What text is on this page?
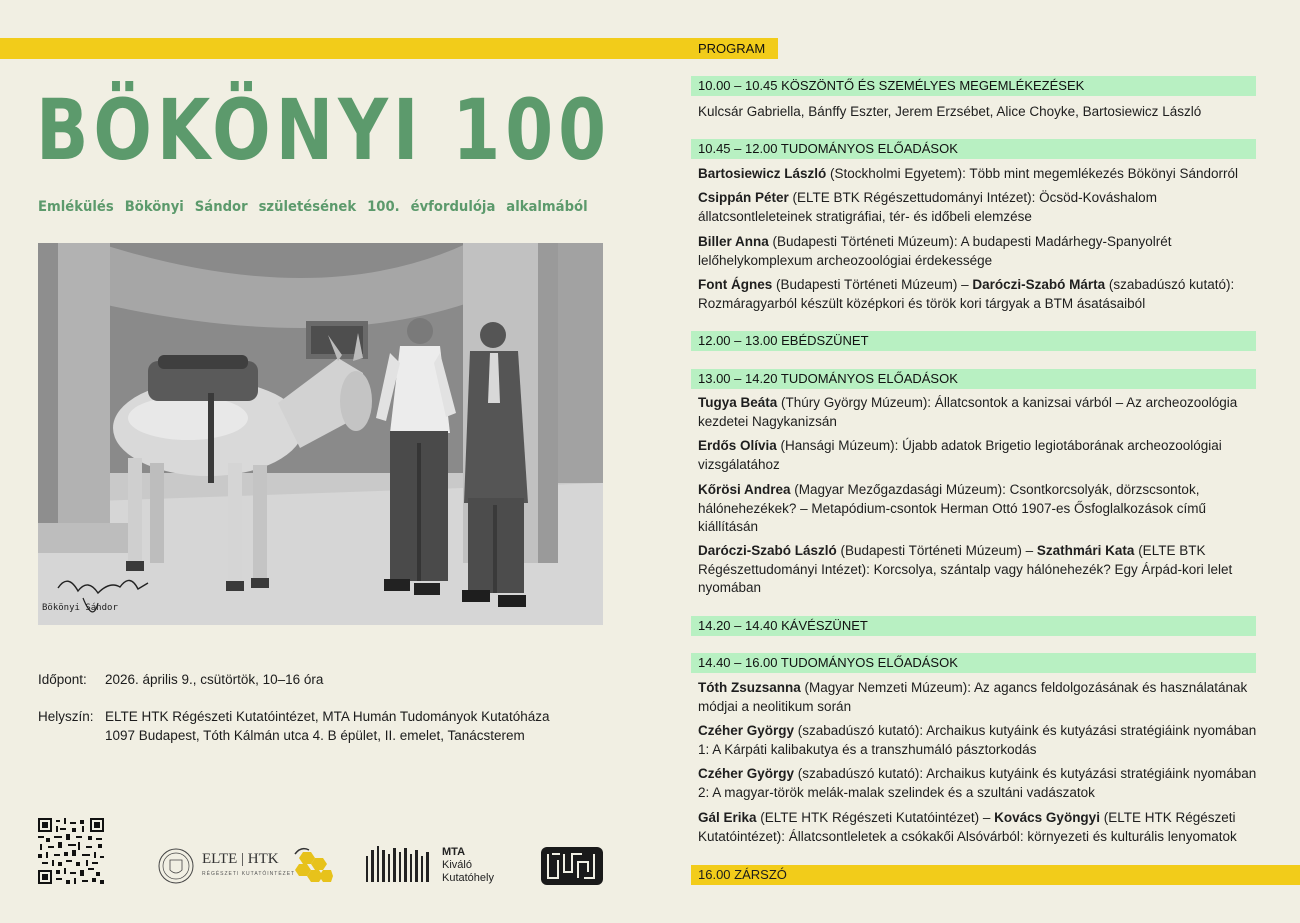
PROGRAM
BÖKÖNYI 100
Emlékülés Bökönyi Sándor születésének 100. évfordulója alkalmából
Bökönyi Sándor
Időpont: 2026. április 9., csütörtök, 10–16 óra
Helyszín: ELTE HTK Régészeti Kutatóintézet, MTA Humán Tudományok Kutatóháza
1097 Budapest, Tóth Kálmán utca 4. B épület, II. emelet, Tanácsterem
ELTE | HTK
RÉGÉSZETI KUTATÓINTÉZET
MTA
Kiváló
Kutatóhely
10.00 – 10.45 KÖSZÖNTŐ ÉS SZEMÉLYES MEGEMLÉKEZÉSEK
Kulcsár Gabriella, Bánffy Eszter, Jerem Erzsébet, Alice Choyke, Bartosiewicz László
10.45 – 12.00 TUDOMÁNYOS ELŐADÁSOK
Bartosiewicz László (Stockholmi Egyetem): Több mint megemlékezés Bökönyi Sándorról
Csippán Péter (ELTE BTK Régészettudományi Intézet): Öcsöd-Kováshalom állatcsontleleteinek stratigráfiai, tér- és időbeli elemzése
Biller Anna (Budapesti Történeti Múzeum): A budapesti Madárhegy-Spanyolrét lelőhelykomplexum archeozoológiai érdekessége
Font Ágnes (Budapesti Történeti Múzeum) – Daróczi-Szabó Márta (szabadúszó kutató): Rozmáragyarból készült középkori és török kori tárgyak a BTM ásatásaiból
12.00 – 13.00 EBÉDSZÜNET
13.00 – 14.20 TUDOMÁNYOS ELŐADÁSOK
Tugya Beáta (Thúry György Múzeum): Állatcsontok a kanizsai várból – Az archeozoológia kezdetei Nagykanizsán
Erdős Olívia (Hansági Múzeum): Újabb adatok Brigetio legiotáborának archeozoológiai vizsgálatához
Kőrösi Andrea (Magyar Mezőgazdasági Múzeum): Csontkorcsolyák, dörzscsontok, hálónehezékek? – Metapódium-csontok Herman Ottó 1907-es Ősfoglalkozások című kiállításán
Daróczi-Szabó László (Budapesti Történeti Múzeum) – Szathmári Kata (ELTE BTK Régészettudományi Intézet): Korcsolya, szántalp vagy hálónehezék? Egy Árpád-kori lelet nyomában
14.20 – 14.40 KÁVÉSZÜNET
14.40 – 16.00 TUDOMÁNYOS ELŐADÁSOK
Tóth Zsuzsanna (Magyar Nemzeti Múzeum): Az agancs feldolgozásának és használatának módjai a neolitikum során
Czéher György (szabadúszó kutató): Archaikus kutyáink és kutyázási stratégiáink nyomában 1: A Kárpáti kalibakutya és a transzhumáló pásztorkodás
Czéher György (szabadúszó kutató): Archaikus kutyáink és kutyázási stratégiáink nyomában 2: A magyar-török melák-malak szelindek és a szultáni vadászatok
Gál Erika (ELTE HTK Régészeti Kutatóintézet) – Kovács Gyöngyi (ELTE HTK Régészeti Kutatóintézet): Állatcsontleletek a csókakői Alsóvárból: környezeti és kulturális lenyomatok
16.00 ZÁRSZÓ
